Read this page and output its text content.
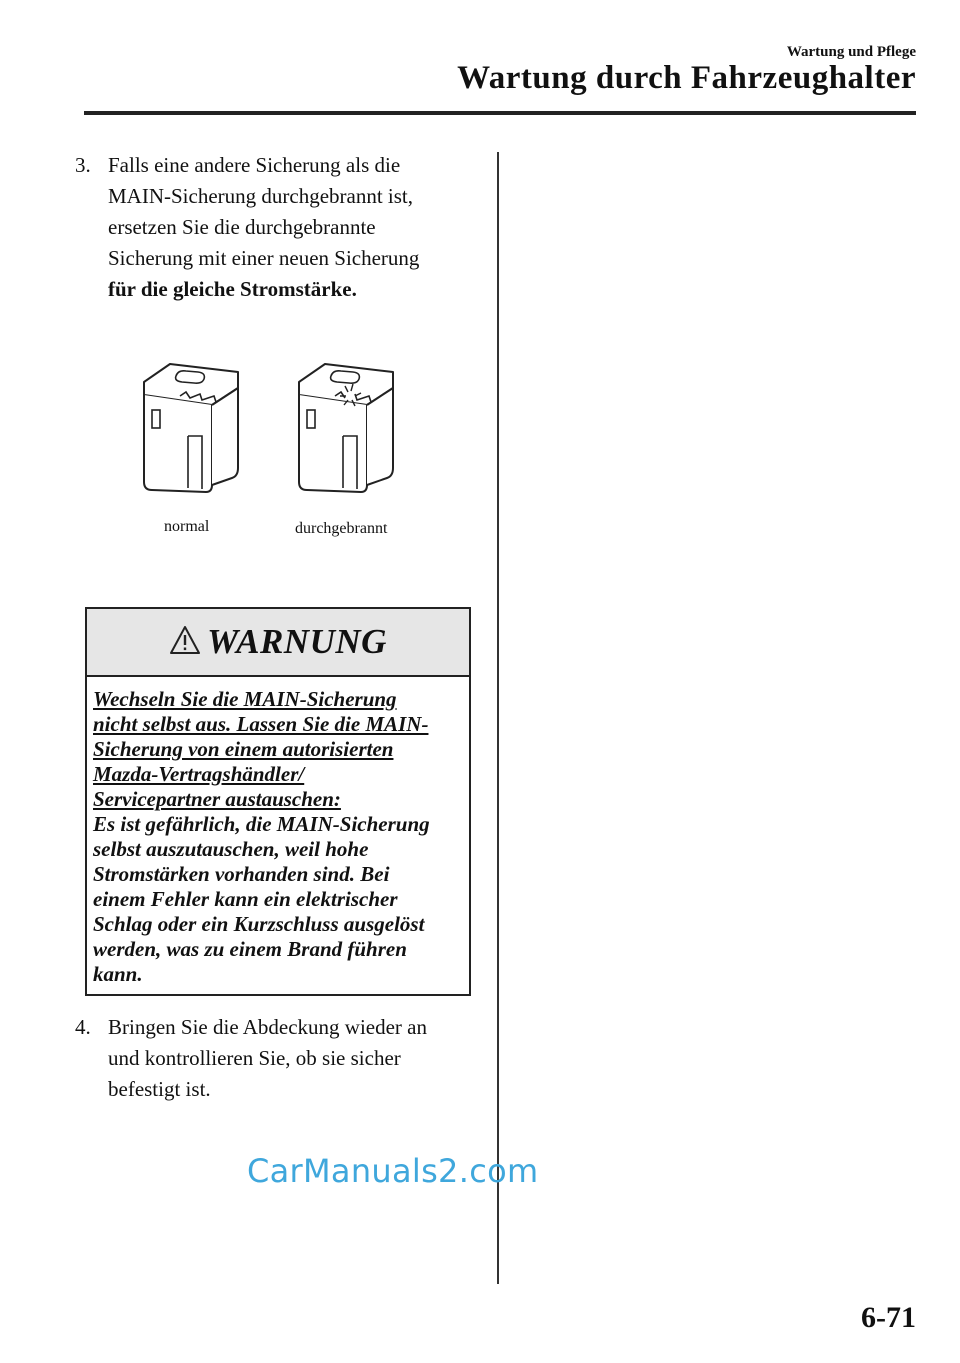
Wartung und Pflege
Wartung durch Fahrzeughalter
3. Falls eine andere Sicherung als die
MAIN-Sicherung durchgebrannt ist,
ersetzen Sie die durchgebrannte
Sicherung mit einer neuen Sicherung
für die gleiche Stromstärke.
normal	durchgebrannt
WARNUNG
Wechseln Sie die MAIN-Sicherung
nicht selbst aus. Lassen Sie die MAIN-
Sicherung von einem autorisierten
Mazda-Vertragshändler/
Servicepartner austauschen:
Es ist gefährlich, die MAIN-Sicherung
selbst auszutauschen, weil hohe
Stromstärken vorhanden sind. Bei
einem Fehler kann ein elektrischer
Schlag oder ein Kurzschluss ausgelöst
werden, was zu einem Brand führen
kann.
4. Bringen Sie die Abdeckung wieder an
und kontrollieren Sie, ob sie sicher
befestigt ist.
CarManuals2.com
6-71
